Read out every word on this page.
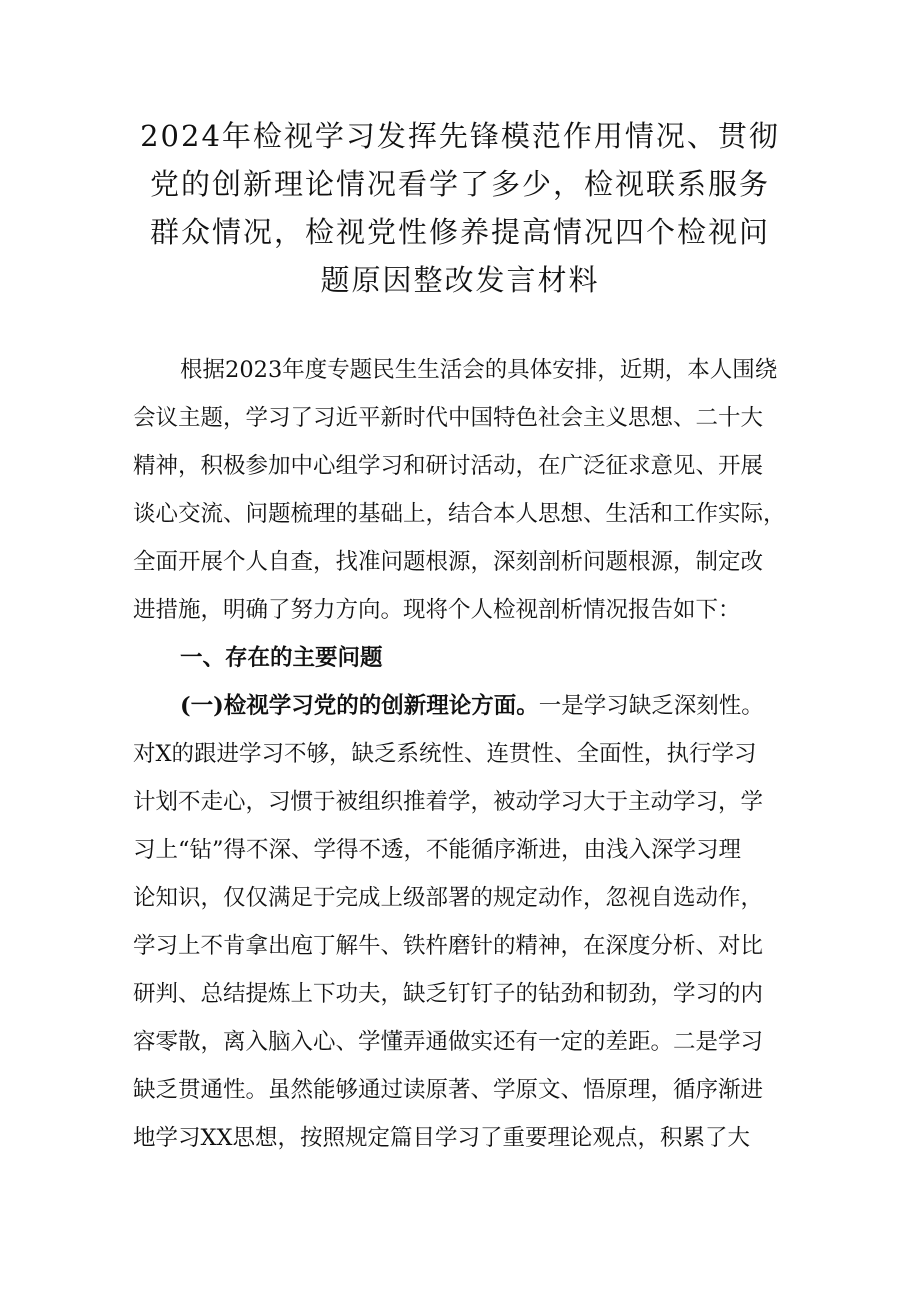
2024年检视学习发挥先锋模范作用情况、贯彻
党的创新理论情况看学了多少，检视联系服务
群众情况，检视党性修养提高情况四个检视问
题原因整改发言材料
根据2023年度专题民生生活会的具体安排，近期，本人围绕
会议主题，学习了习近平新时代中国特色社会主义思想、二十大
精神，积极参加中心组学习和研讨活动，在广泛征求意见、开展
谈心交流、问题梳理的基础上，结合本人思想、生活和工作实际，
全面开展个人自查，找准问题根源，深刻剖析问题根源，制定改
进措施，明确了努力方向。现将个人检视剖析情况报告如下：
一、存在的主要问题
(一)检视学习党的的创新理论方面。一是学习缺乏深刻性。
对X的跟进学习不够，缺乏系统性、连贯性、全面性，执行学习
计划不走心，习惯于被组织推着学，被动学习大于主动学习，学
习上“钻”得不深、学得不透，不能循序渐进，由浅入深学习理
论知识，仅仅满足于完成上级部署的规定动作，忽视自选动作，
学习上不肯拿出庖丁解牛、铁杵磨针的精神，在深度分析、对比
研判、总结提炼上下功夫，缺乏钉钉子的钻劲和韧劲，学习的内
容零散，离入脑入心、学懂弄通做实还有一定的差距。二是学习
缺乏贯通性。虽然能够通过读原著、学原文、悟原理，循序渐进
地学习XX思想，按照规定篇目学习了重要理论观点，积累了大
